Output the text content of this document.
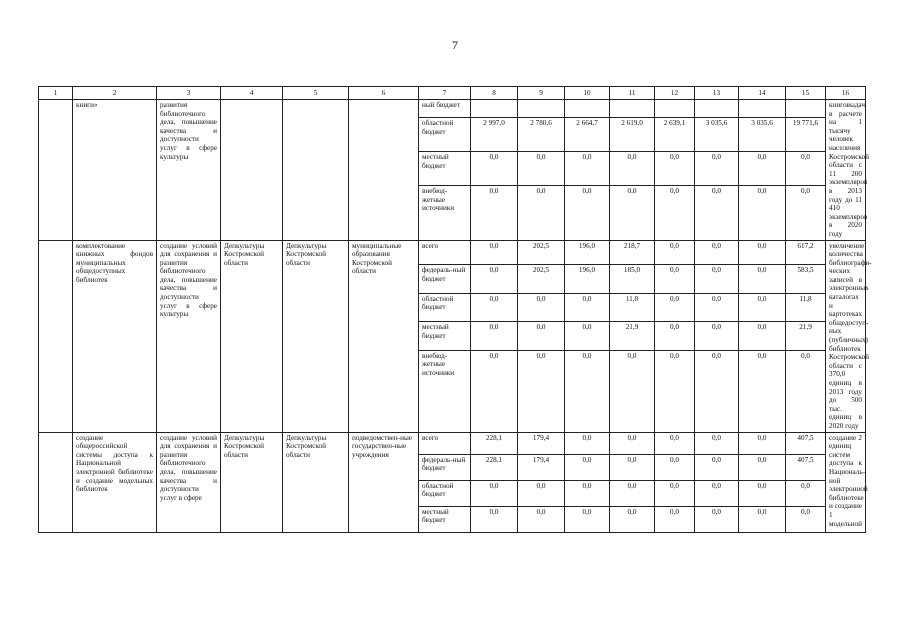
7
1	2	3	4	5	6	7	8	9	10	11	12	13	14	15	16
	книги»	развития библиотечного дела, повышение качества и доступности услуг в сфере культуры				ный бюджет									книговыдач в расчете на 1 тысячу человек населения Костромской области с 11 200 экземпляров в 2013 году до 11 410 экземпляров в 2020 году
						областной бюджет	2 997,0	2 780,6	2 664,7	2 619,0	2 639,1	3 035,6	3 035,6	19 771,6	
						местный бюджет	0,0	0,0	0,0	0,0	0,0	0,0	0,0	0,0	
						внебюд-жетные источники	0,0	0,0	0,0	0,0	0,0	0,0	0,0	0,0	
	комплектование книжных фондов муниципальных общедоступных библиотек	создание условий для сохранения и развития библиотечного дела, повышение качества и доступности услуг в сфере культуры	Депкультуры Костромской области	Депкультуры Костромской области	муниципальные образования Костромской области	всего	0,0	202,5	196,0	218,7	0,0	0,0	0,0	617,2	увеличение количества библиографи-ческих записей в электронных каталогах и картотеках общедоступ-ных (публичных) библиотек Костромской области с 370,0 единиц в 2013 году до 500 тыс. единиц в 2020 году
						федераль-ный бюджет	0,0	202,5	196,0	185,0	0,0	0,0	0,0	583,5	
						областной бюджет	0,0	0,0	0,0	11,8	0,0	0,0	0,0	11,8	
						местный бюджет	0,0	0,0	0,0	21,9	0,0	0,0	0,0	21,9	
						внебюд-жетные источники	0,0	0,0	0,0	0,0	0,0	0,0	0,0	0,0	
	создание общероссийской системы доступа к Национальной электронной библиотеке и создание модельных библиотек	создание условий для сохранения и развития библиотечного дела, повышение качества и доступности услуг в сфере	Депкультуры Костромской области	Депкультуры Костромской области	подведомствен-ные государствен-ные учреждения	всего	228,1	179,4	0,0	0,0	0,0	0,0	0,0	407,5	создание 2 единиц систем доступа к Националь-ной электронной библиотеке и создание 1 модельной
						федераль-ный бюджет	228,1	179,4	0,0	0,0	0,0	0,0	0,0	407,5	
						областной бюджет	0,0	0,0	0,0	0,0	0,0	0,0	0,0	0,0	
						местный бюджет	0,0	0,0	0,0	0,0	0,0	0,0	0,0	0,0	
